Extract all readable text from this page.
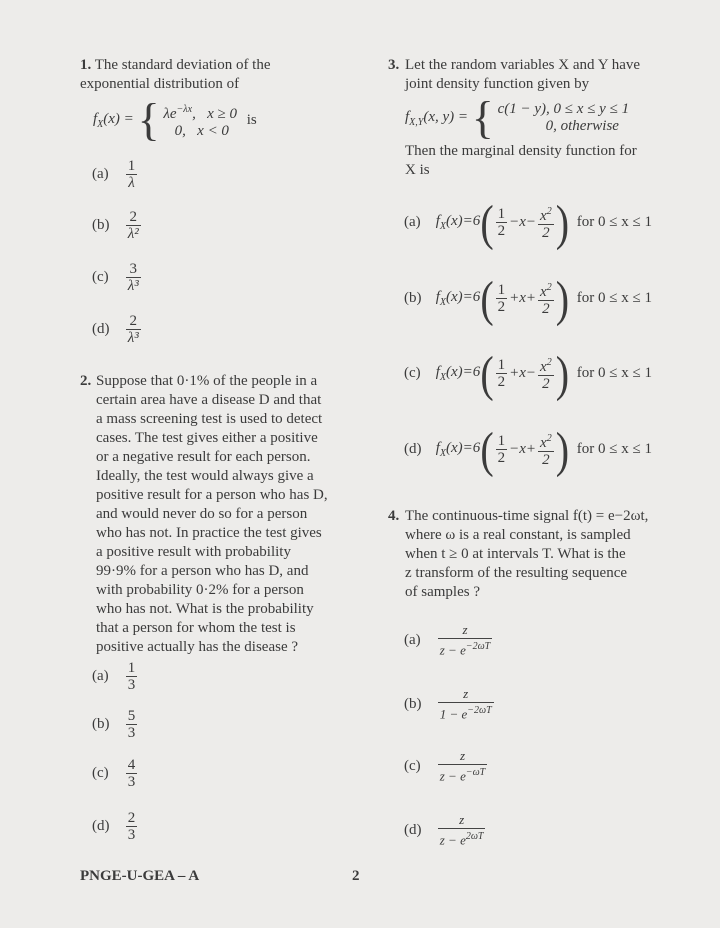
1. The standard deviation of the exponential distribution of
$f_X(x)$ = { $\lambda e^{-\lambda x}$,   x ≥ 0
0,   x < 0 is
$(a) \frac{1}{\lambda}$
$(b) \frac{2}{\text{λ²}}$
$(c) \frac{3}{\text{λ³}}$
$(d) \frac{2}{\text{λ³}}$
2. Suppose that 0·1% of the people in a
certain area have a disease D and that
a mass screening test is used to detect
cases. The test gives either a positive
or a negative result for each person.
Ideally, the test would always give a
positive result for a person who has D,
and would never do so for a person
who has not. In practice the test gives
a positive result with probability
99·9% for a person who has D, and
with probability 0·2% for a person
who has not. What is the probability
that a person for whom the test is
positive actually has the disease ?
$(a) \frac{1}{3}$
$(b) \frac{5}{3}$
$(c) \frac{4}{3}$
$(d) \frac{2}{3}$
3. Let the random variables X and Y have
joint density function given by
$f_{X,Y}(x$, y) = { c(1 − y), 0 ≤ x ≤ y ≤ 1
0, otherwise
Then the marginal density function for
X is
(a) $f_X(x)=6( \frac{1}{2} -x- \frac{x^2}{2}$ ) for 0 ≤ x ≤ 1
(b) $f_X(x)=6( \frac{1}{2} +x+ \frac{x^2}{2}$ ) for 0 ≤ x ≤ 1
(c) $f_X(x)=6( \frac{1}{2} +x- \frac{x^2}{2}$ ) for 0 ≤ x ≤ 1
(d) $f_X(x)=6( \frac{1}{2} -x+ \frac{x^2}{2}$ ) for 0 ≤ x ≤ 1
4. The continuous-time signal f(t) = e−2ωt,
where ω is a real constant, is sampled
when t ≥ 0 at intervals T. What is the
z transform of the resulting sequence
of samples ?
$(a) \frac{z}{z - e^{-2\omega T}}$
$(b) \frac{z}{1 - e^{-2\omega T}}$
$(c) \frac{z}{z - e^{-\omega T}}$
$(d) \frac{z}{z - e^{2\omega T}}$
PNGE-U-GEA – A	2
